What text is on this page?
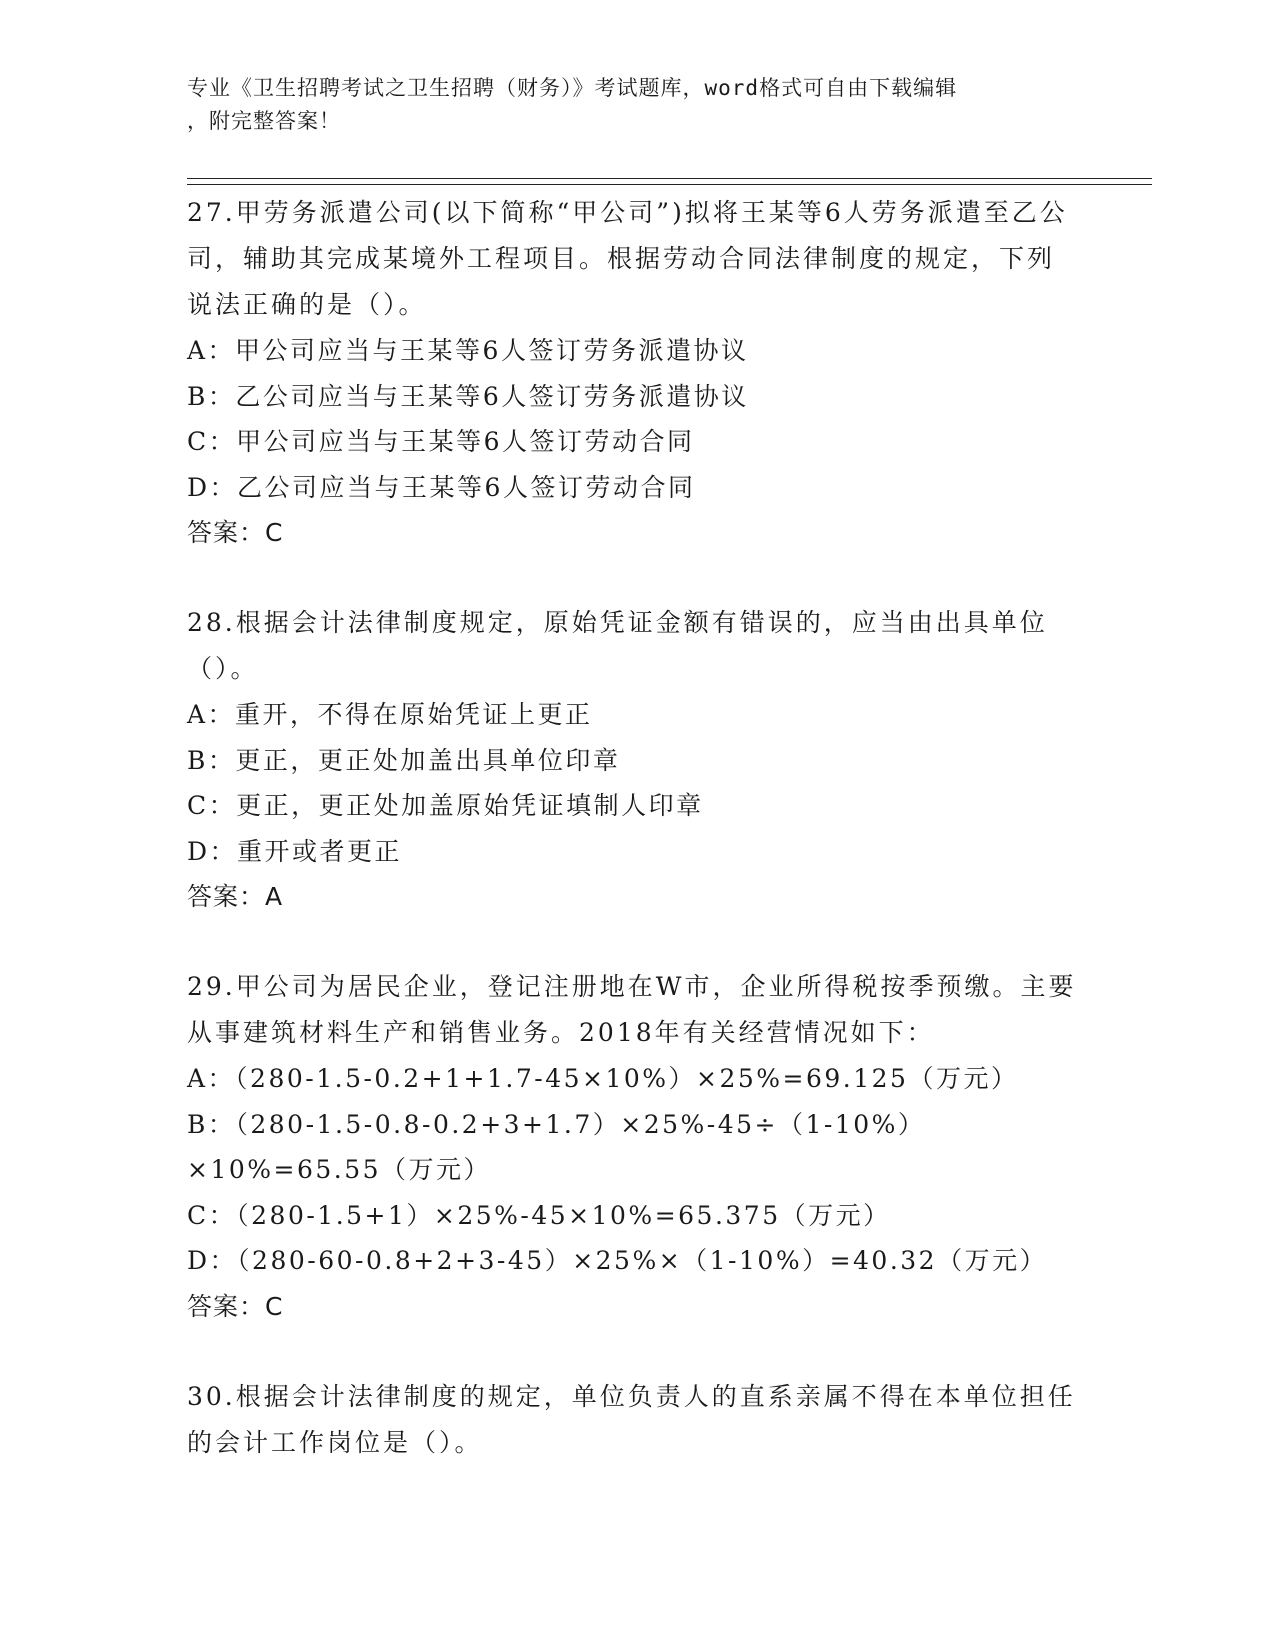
专业《卫生招聘考试之卫生招聘（财务）》考试题库，word格式可自由下载编辑
，附完整答案！

27.甲劳务派遣公司(以下简称“甲公司”)拟将王某等6人劳务派遣至乙公司，辅助其完成某境外工程项目。根据劳动合同法律制度的规定，下列说法正确的是（）。

A：甲公司应当与王某等6人签订劳务派遣协议

B：乙公司应当与王某等6人签订劳务派遣协议

C：甲公司应当与王某等6人签订劳动合同

D：乙公司应当与王某等6人签订劳动合同

答案：C

28.根据会计法律制度规定，原始凭证金额有错误的，应当由出具单位（）。

A：重开，不得在原始凭证上更正

B：更正，更正处加盖出具单位印章

C：更正，更正处加盖原始凭证填制人印章

D：重开或者更正

答案：A

29.甲公司为居民企业，登记注册地在W市，企业所得税按季预缴。主要从事建筑材料生产和销售业务。2018年有关经营情况如下：

A：（280-1.5-0.2+1+1.7-45×10%）×25%=69.125（万元）

B：（280-1.5-0.8-0.2+3+1.7）×25%-45÷（1-10%）×10%=65.55（万元）

C：（280-1.5+1）×25%-45×10%=65.375（万元）

D：（280-60-0.8+2+3-45）×25%×（1-10%）=40.32（万元）

答案：C

30.根据会计法律制度的规定，单位负责人的直系亲属不得在本单位担任的会计工作岗位是（）。
